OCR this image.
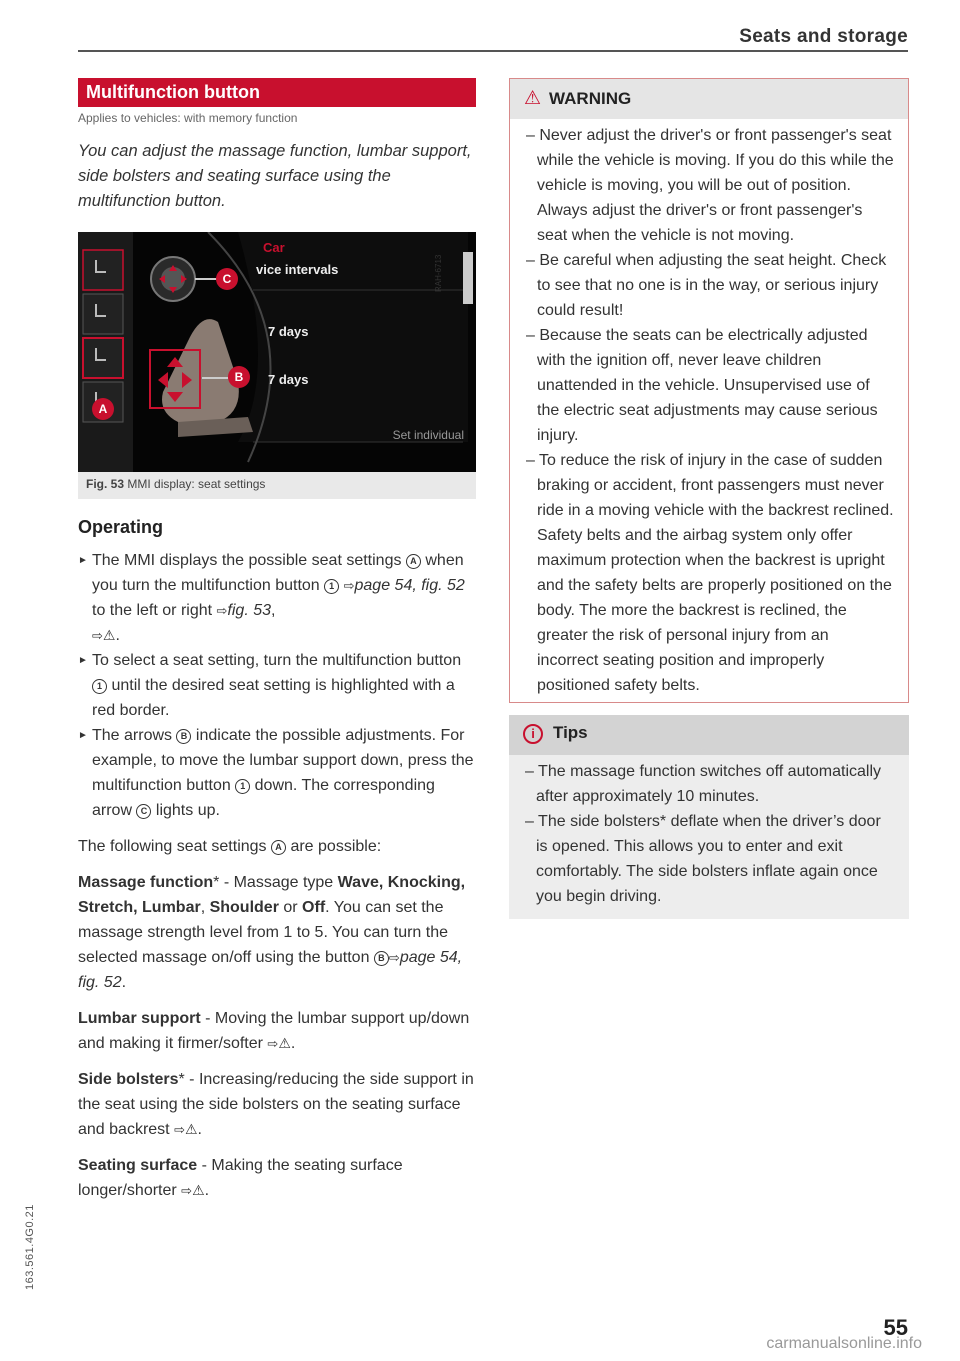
Seats and storage
Multifunction button
Applies to vehicles: with memory function
You can adjust the massage function, lumbar support, side bolsters and seating surface using the multifunction button.
Car
vice intervals
7 days
7 days
Set individual
RAH-6713
A
B
C
Fig. 53 MMI display: seat settings
Operating
► The MMI displays the possible seat settings A when you turn the multifunction button 1 ⇨page 54, fig. 52 to the left or right ⇨fig. 53,
⇨⚠.
► To select a seat setting, turn the multifunction button 1 until the desired seat setting is highlighted with a red border.
► The arrows B indicate the possible adjustments. For example, to move the lumbar support down, press the multifunction button 1 down. The corresponding arrow C lights up.

The following seat settings A are possible:

Massage function* - Massage type Wave, Knocking, Stretch, Lumbar, Shoulder or Off. You can set the massage strength level from 1 to 5. You can turn the selected massage on/off using the button B ⇨page 54, fig. 52.

Lumbar support - Moving the lumbar support up/down and making it firmer/softer ⇨⚠.

Side bolsters* - Increasing/reducing the side support in the seat using the side bolsters on the seating surface and backrest ⇨⚠.

Seating surface - Making the seating surface longer/shorter ⇨⚠.

⚠ WARNING
– Never adjust the driver's or front passenger's seat while the vehicle is moving. If you do this while the vehicle is moving, you will be out of position. Always adjust the driver's or front passenger's seat when the vehicle is not moving.
– Be careful when adjusting the seat height. Check to see that no one is in the way, or serious injury could result!
– Because the seats can be electrically adjusted with the ignition off, never leave children unattended in the vehicle. Unsupervised use of the electric seat adjustments may cause serious injury.
– To reduce the risk of injury in the case of sudden braking or accident, front passengers must never ride in a moving vehicle with the backrest reclined. Safety belts and the airbag system only offer maximum protection when the backrest is upright and the safety belts are properly positioned on the body. The more the backrest is reclined, the greater the risk of personal injury from an incorrect seating position and improperly positioned safety belts.
i Tips
– The massage function switches off automatically after approximately 10 minutes.
– The side bolsters* deflate when the driver’s door is opened. This allows you to enter and exit comfortably. The side bolsters inflate again once you begin driving.
163.561.4G0.21
55
carmanualsonline.info
